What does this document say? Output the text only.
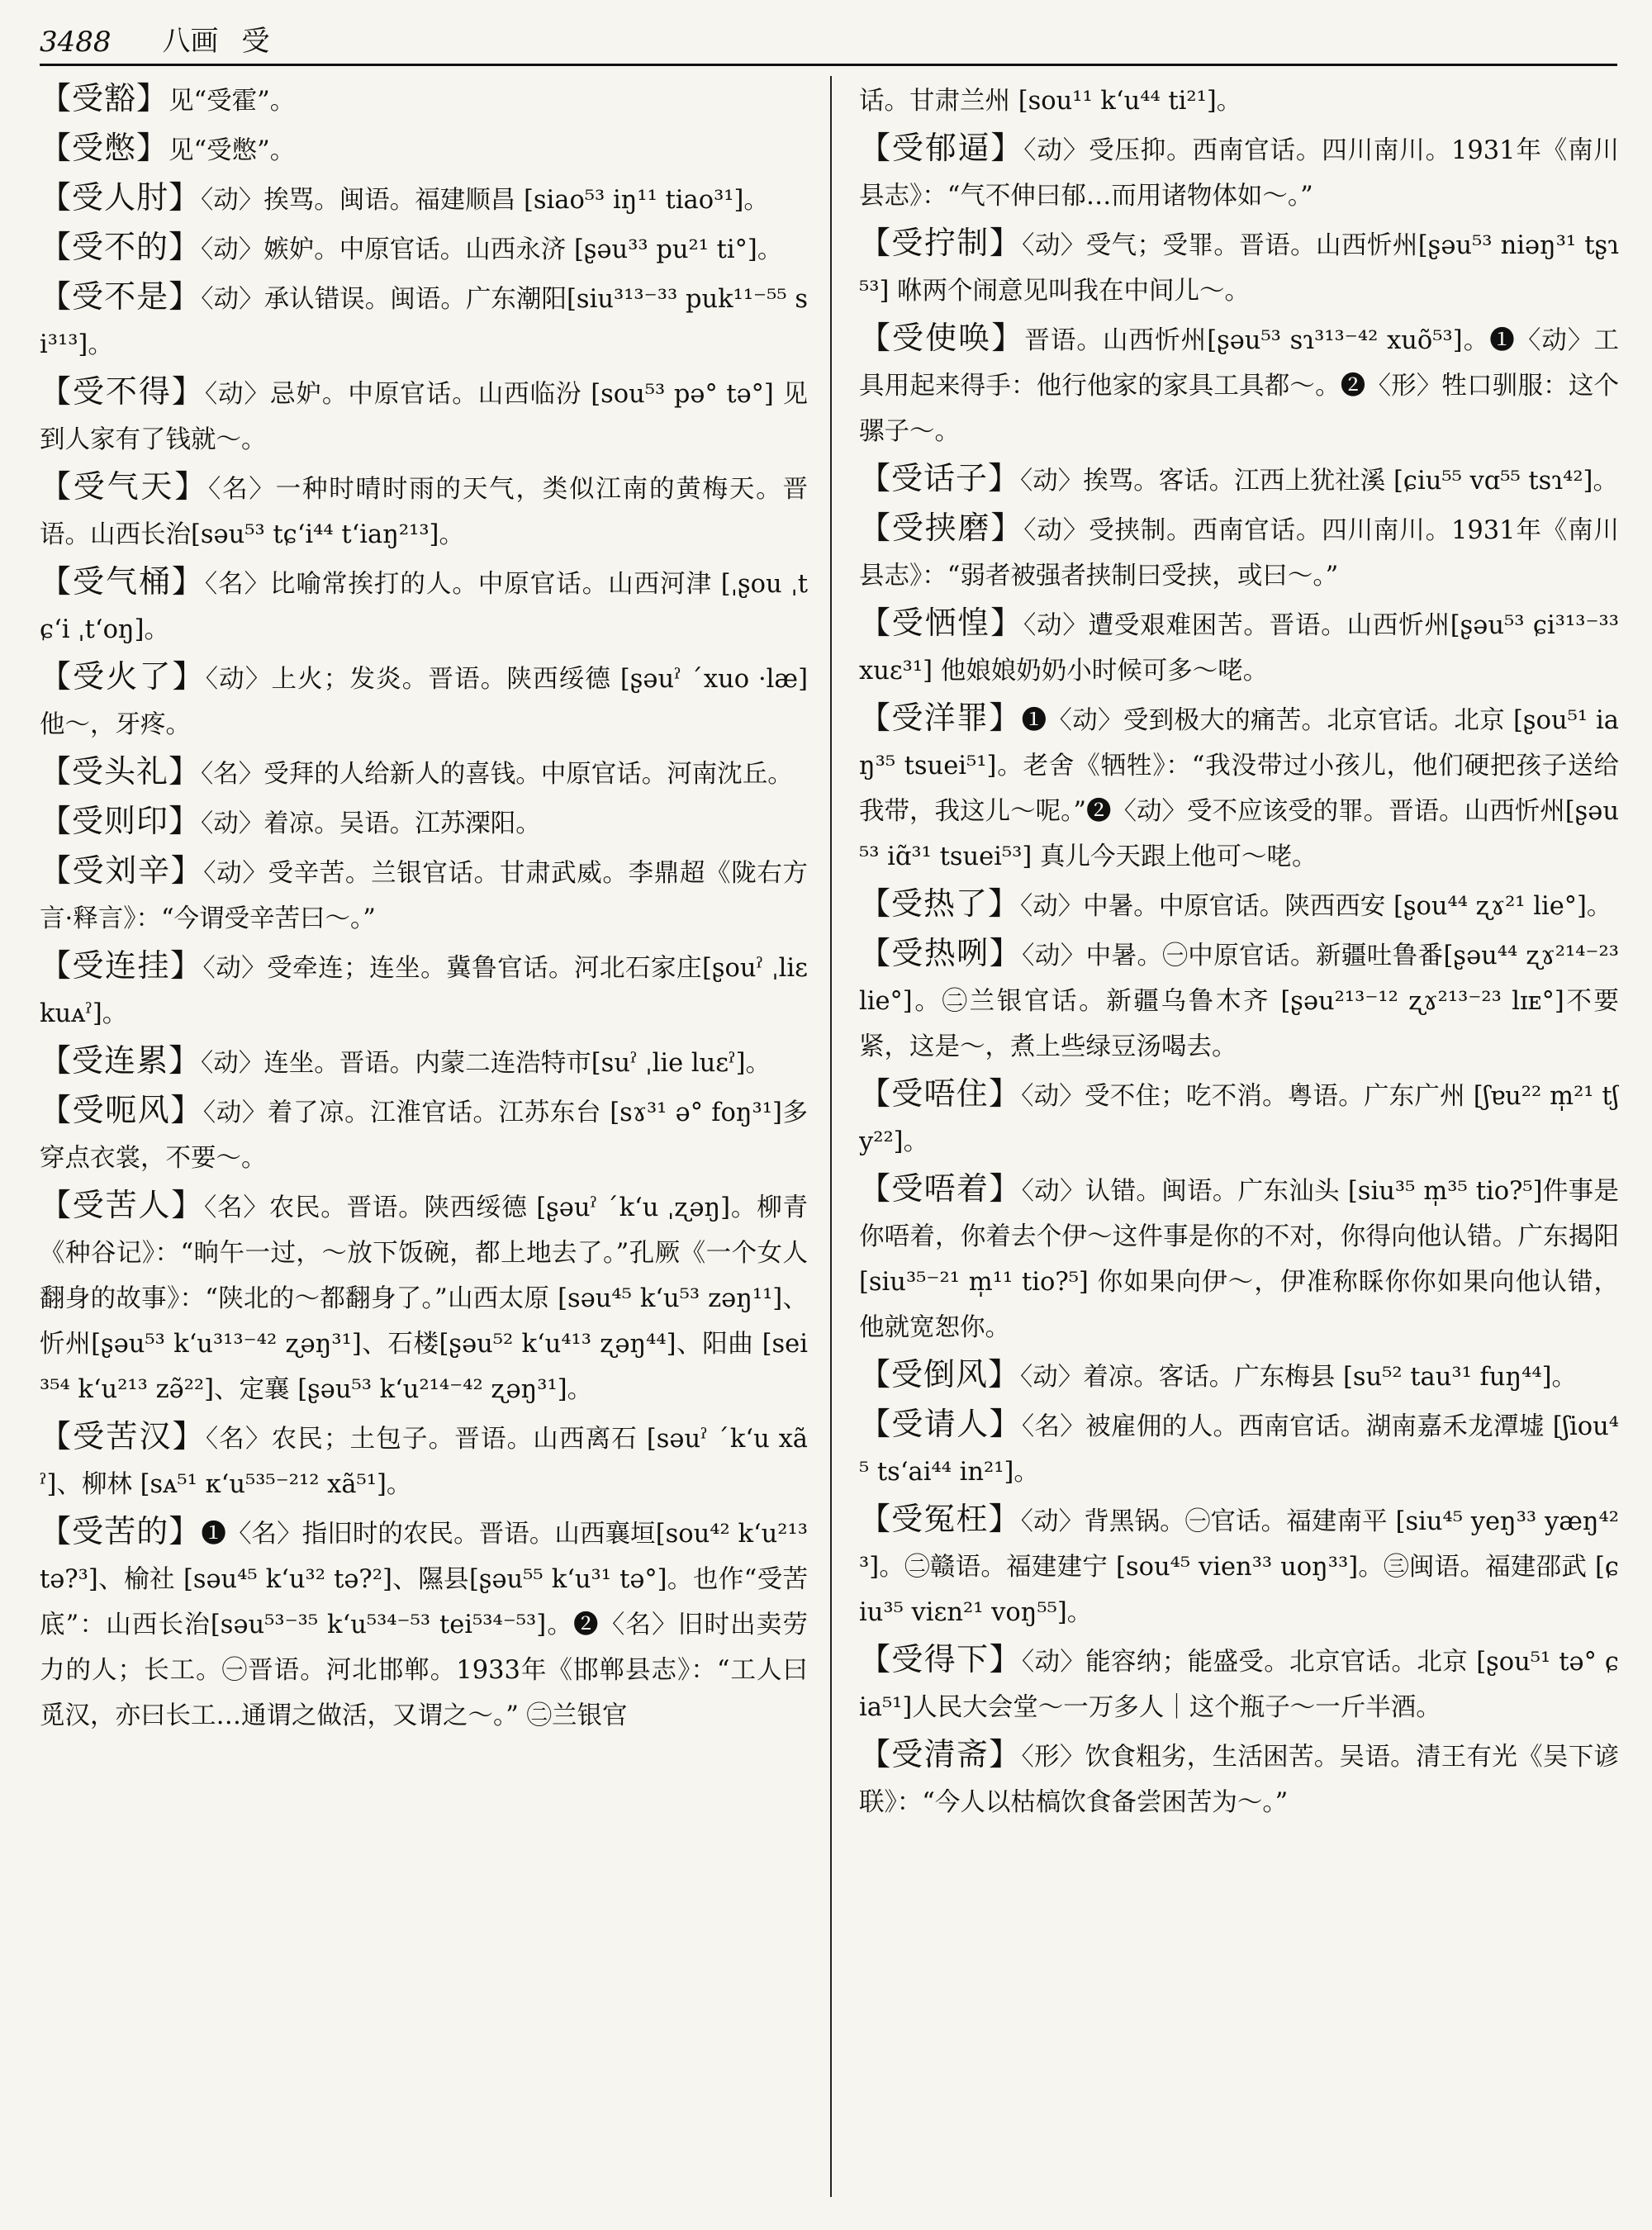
3488 八画 受

【受豁】见“受霍”。

【受憋】见“受憋”。

【受人肘】〈动〉挨骂。闽语。福建顺昌 [siao⁵³ iŋ¹¹ tiao³¹]。

【受不的】〈动〉嫉妒。中原官话。山西永济 [ʂəu³³ pu²¹ ti°]。

【受不是】〈动〉承认错误。闽语。广东潮阳[siu³¹³⁻³³ puk¹¹⁻⁵⁵ si³¹³]。

【受不得】〈动〉忌妒。中原官话。山西临汾 [sou⁵³ pə° tə°] 见到人家有了钱就～。

【受气天】〈名〉一种时晴时雨的天气，类似江南的黄梅天。晋语。山西长治[səu⁵³ tɕ‘i⁴⁴ t‘iaŋ²¹³]。

【受气桶】〈名〉比喻常挨打的人。中原官话。山西河津 [ˌʂou ˌtɕ‘i ˌt‘oŋ]。

【受火了】〈动〉上火；发炎。晋语。陕西绥德 [ʂəuˀ ˊxuo ·læ]他～，牙疼。

【受头礼】〈名〉受拜的人给新人的喜钱。中原官话。河南沈丘。

【受则印】〈动〉着凉。吴语。江苏溧阳。

【受刘辛】〈动〉受辛苦。兰银官话。甘肃武威。李鼎超《陇右方言·释言》：“今谓受辛苦曰～。”

【受连挂】〈动〉受牵连；连坐。冀鲁官话。河北石家庄[ʂouˀ ˌliɛ kuᴀˀ]。

【受连累】〈动〉连坐。晋语。内蒙二连浩特市[suˀ ˌlie luɛˀ]。

【受呃风】〈动〉着了凉。江淮官话。江苏东台 [sɤ³¹ ə° foŋ³¹]多穿点衣裳，不要～。

【受苦人】〈名〉农民。晋语。陕西绥德 [ʂəuˀ ˊk‘u ˌʐəŋ]。柳青《种谷记》：“晌午一过，～放下饭碗，都上地去了。”孔厥《一个女人翻身的故事》：“陕北的～都翻身了。”山西太原 [səu⁴⁵ k‘u⁵³ zəŋ¹¹]、忻州[ʂəu⁵³ k‘u³¹³⁻⁴² ʐəŋ³¹]、石楼[ʂəu⁵² k‘u⁴¹³ ʐəŋ⁴⁴]、阳曲 [sei³⁵⁴ k‘u²¹³ zə̃²²]、定襄 [ʂəu⁵³ k‘u²¹⁴⁻⁴² ʐəŋ³¹]。

【受苦汉】〈名〉农民；土包子。晋语。山西离石 [səuˀ ˊk‘u xãˀ]、柳林 [sᴀ⁵¹ ᴋ‘u⁵³⁵⁻²¹² xã⁵¹]。

【受苦的】❶〈名〉指旧时的农民。晋语。山西襄垣[sou⁴² k‘u²¹³ tə?³]、榆社 [səu⁴⁵ k‘u³² tə?²]、隰县[ʂəu⁵⁵ k‘u³¹ tə°]。也作“受苦底”：山西长治[səu⁵³⁻³⁵ k‘u⁵³⁴⁻⁵³ tei⁵³⁴⁻⁵³]。❷〈名〉旧时出卖劳力的人；长工。㊀晋语。河北邯郸。1933年《邯郸县志》：“工人曰觅汉，亦曰长工…通谓之做活，又谓之～。” ㊁兰银官

话。甘肃兰州 [sou¹¹ k‘u⁴⁴ ti²¹]。

【受郁逼】〈动〉受压抑。西南官话。四川南川。1931年《南川县志》：“气不伸曰郁…而用诸物体如～。”

【受拧制】〈动〉受气；受罪。晋语。山西忻州[ʂəu⁵³ niəŋ³¹ tʂɿ⁵³] 咻两个闹意见叫我在中间儿～。

【受使唤】晋语。山西忻州[ʂəu⁵³ sɿ³¹³⁻⁴² xuõ⁵³]。❶〈动〉工具用起来得手：他行他家的家具工具都～。❷〈形〉牲口驯服：这个骡子～。

【受话子】〈动〉挨骂。客话。江西上犹社溪 [ɕiu⁵⁵ vɑ⁵⁵ tsɿ⁴²]。

【受挟磨】〈动〉受挟制。西南官话。四川南川。1931年《南川县志》：“弱者被强者挟制曰受挟，或曰～。”

【受恓惶】〈动〉遭受艰难困苦。晋语。山西忻州[ʂəu⁵³ ɕi³¹³⁻³³ xuɛ³¹] 他娘娘奶奶小时候可多～咾。

【受洋罪】❶〈动〉受到极大的痛苦。北京官话。北京 [ʂou⁵¹ iaŋ³⁵ tsuei⁵¹]。老舍《牺牲》：“我没带过小孩儿，他们硬把孩子送给我带，我这儿～呢。”❷〈动〉受不应该受的罪。晋语。山西忻州[ʂəu⁵³ iɑ̃³¹ tsuei⁵³] 真儿今天跟上他可～咾。

【受热了】〈动〉中暑。中原官话。陕西西安 [ʂou⁴⁴ ʐɤ²¹ lie°]。

【受热咧】〈动〉中暑。㊀中原官话。新疆吐鲁番[ʂəu⁴⁴ ʐɤ²¹⁴⁻²³ lie°]。㊁兰银官话。新疆乌鲁木齐 [ʂəu²¹³⁻¹² ʐɤ²¹³⁻²³ lɪᴇ°]不要紧，这是～，煮上些绿豆汤喝去。

【受唔住】〈动〉受不住；吃不消。粤语。广东广州 [ʃɐu²² m̩²¹ tʃy²²]。

【受唔着】〈动〉认错。闽语。广东汕头 [siu³⁵ m̩³⁵ tio?⁵]件事是你唔着，你着去个伊～这件事是你的不对，你得向他认错。广东揭阳 [siu³⁵⁻²¹ m̩¹¹ tio?⁵] 你如果向伊～，伊准称睬你你如果向他认错，他就宽恕你。

【受倒风】〈动〉着凉。客话。广东梅县 [su⁵² tau³¹ fuŋ⁴⁴]。

【受请人】〈名〉被雇佣的人。西南官话。湖南嘉禾龙潭墟 [ʃiou⁴⁵ ts‘ai⁴⁴ in²¹]。

【受冤枉】〈动〉背黑锅。㊀官话。福建南平 [siu⁴⁵ yeŋ³³ yæŋ⁴²³]。㊁赣语。福建建宁 [sou⁴⁵ vien³³ uoŋ³³]。㊂闽语。福建邵武 [ɕiu³⁵ viɛn²¹ voŋ⁵⁵]。

【受得下】〈动〉能容纳；能盛受。北京官话。北京 [ʂou⁵¹ tə° ɕia⁵¹]人民大会堂～一万多人｜这个瓶子～一斤半酒。

【受清斋】〈形〉饮食粗劣，生活困苦。吴语。清王有光《吴下谚联》：“今人以枯槁饮食备尝困苦为～。”
